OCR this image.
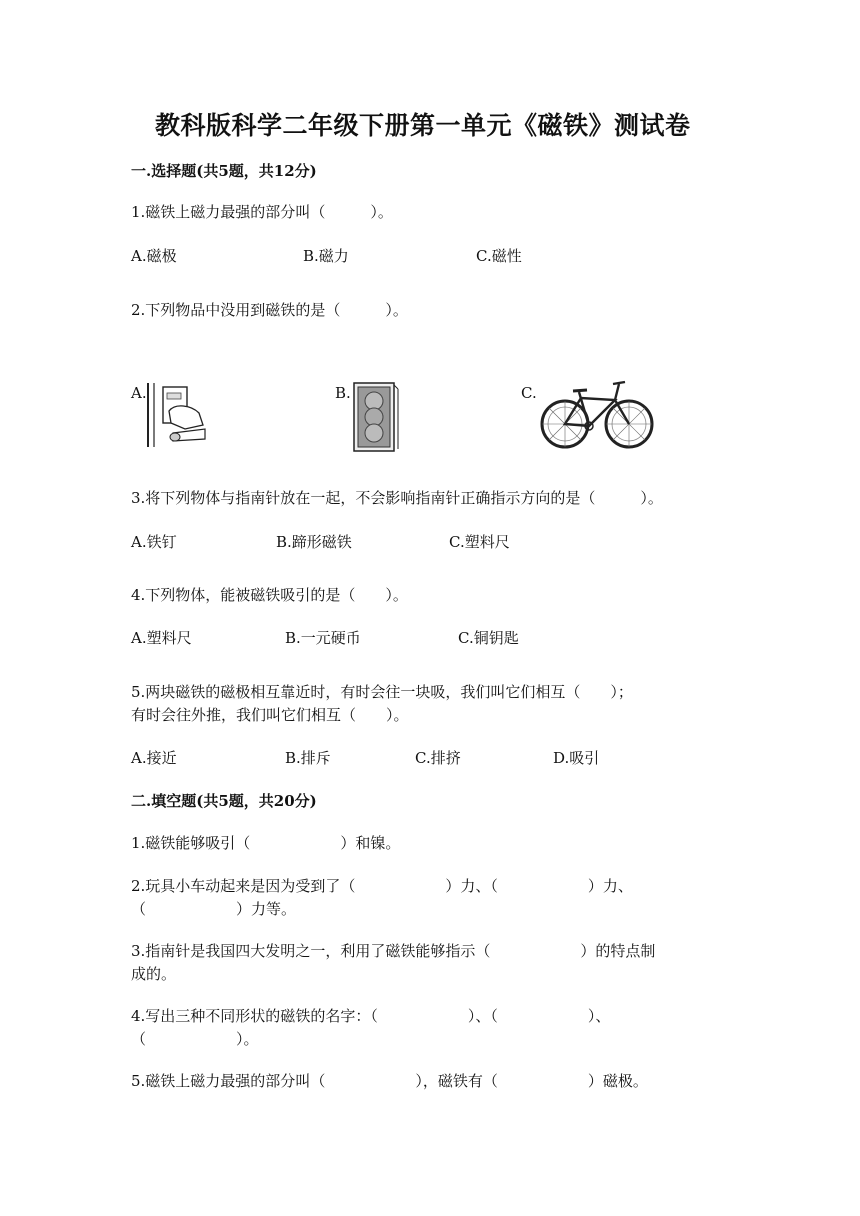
教科版科学二年级下册第一单元《磁铁》测试卷
一.选择题(共5题，共12分)
1.磁铁上磁力最强的部分叫（　　　）。
A.磁极	B.磁力	C.磁性
2.下列物品中没用到磁铁的是（　　　）。
A.	B.	C.
3.将下列物体与指南针放在一起，不会影响指南针正确指示方向的是（　　　）。
A.铁钉	B.蹄形磁铁	C.塑料尺
4.下列物体，能被磁铁吸引的是（　　）。
A.塑料尺	B.一元硬币	C.铜钥匙
5.两块磁铁的磁极相互靠近时，有时会往一块吸，我们叫它们相互（　　）；
有时会往外推，我们叫它们相互（　　）。
A.接近	B.排斥	C.排挤	D.吸引
二.填空题(共5题，共20分)
1.磁铁能够吸引（　　　　　　）和镍。
2.玩具小车动起来是因为受到了（　　　　　　）力、（　　　　　　）力、
（　　　　　　）力等。
3.指南针是我国四大发明之一，利用了磁铁能够指示（　　　　　　）的特点制
成的。
4.写出三种不同形状的磁铁的名字：（　　　　　　）、（　　　　　　）、
（　　　　　　）。
5.磁铁上磁力最强的部分叫（　　　　　　），磁铁有（　　　　　　）磁极。
